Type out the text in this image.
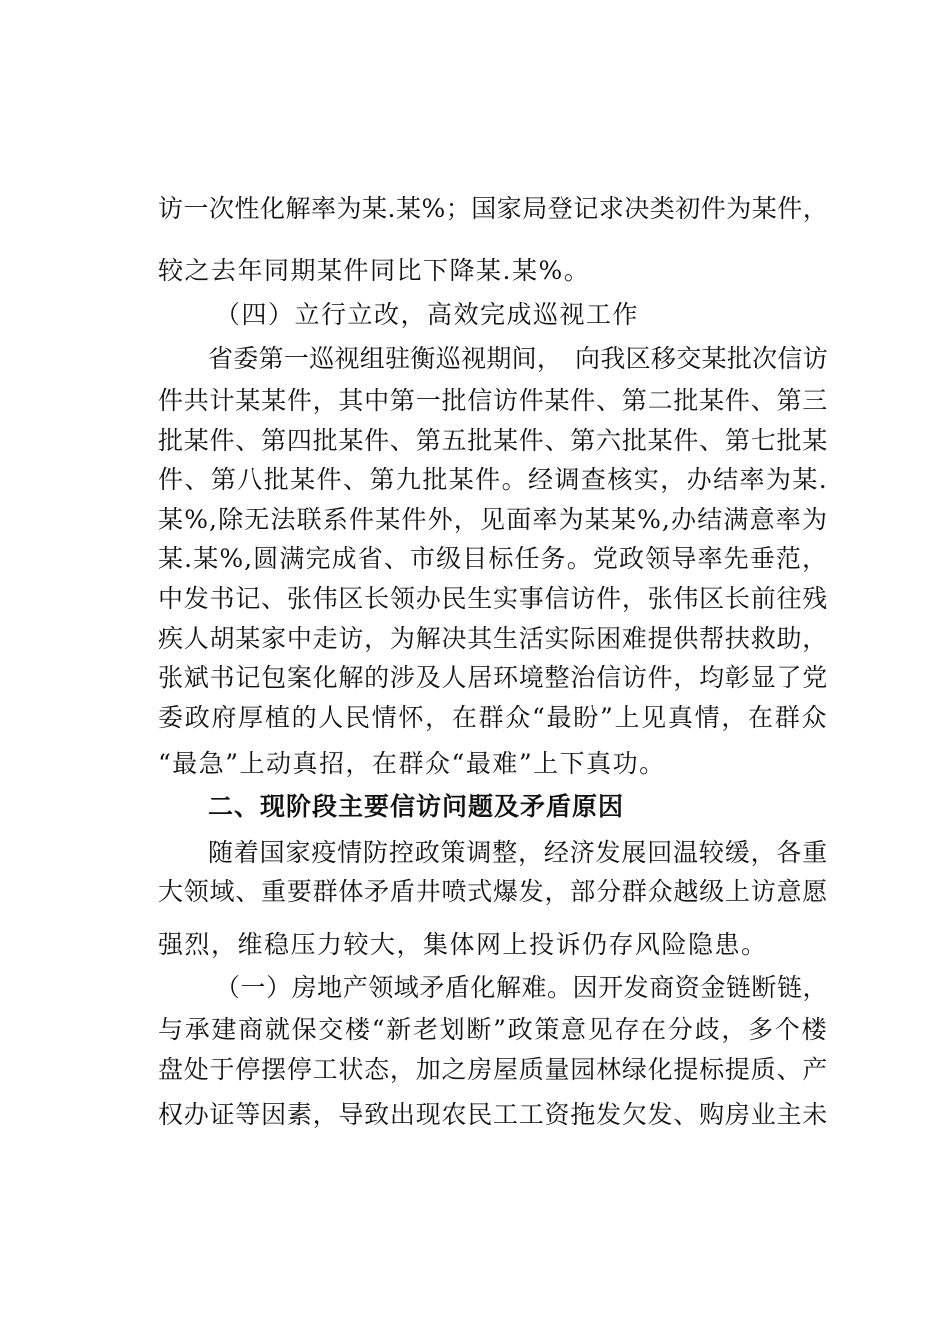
访一次性化解率为某.某%；国家局登记求决类初件为某件，
较之去年同期某件同比下降某.某%。
（四）立行立改，高效完成巡视工作
省委第一巡视组驻衡巡视期间，　向我区移交某批次信访
件共计某某件，其中第一批信访件某件、第二批某件、第三
批某件、第四批某件、第五批某件、第六批某件、第七批某
件、第八批某件、第九批某件。经调查核实，办结率为某.
某%,除无法联系件某件外，见面率为某某%,办结满意率为
某.某%,圆满完成省、市级目标任务。党政领导率先垂范，
中发书记、张伟区长领办民生实事信访件，张伟区长前往残
疾人胡某家中走访，为解决其生活实际困难提供帮扶救助，
张斌书记包案化解的涉及人居环境整治信访件，均彰显了党
委政府厚植的人民情怀，在群众“最盼”上见真情，在群众
“最急”上动真招，在群众“最难”上下真功。
二、现阶段主要信访问题及矛盾原因
随着国家疫情防控政策调整，经济发展回温较缓，各重
大领域、重要群体矛盾井喷式爆发，部分群众越级上访意愿
强烈，维稳压力较大，集体网上投诉仍存风险隐患。
（一）房地产领域矛盾化解难。因开发商资金链断链，
与承建商就保交楼“新老划断”政策意见存在分歧，多个楼
盘处于停摆停工状态，加之房屋质量园林绿化提标提质、产
权办证等因素，导致出现农民工工资拖发欠发、购房业主未
